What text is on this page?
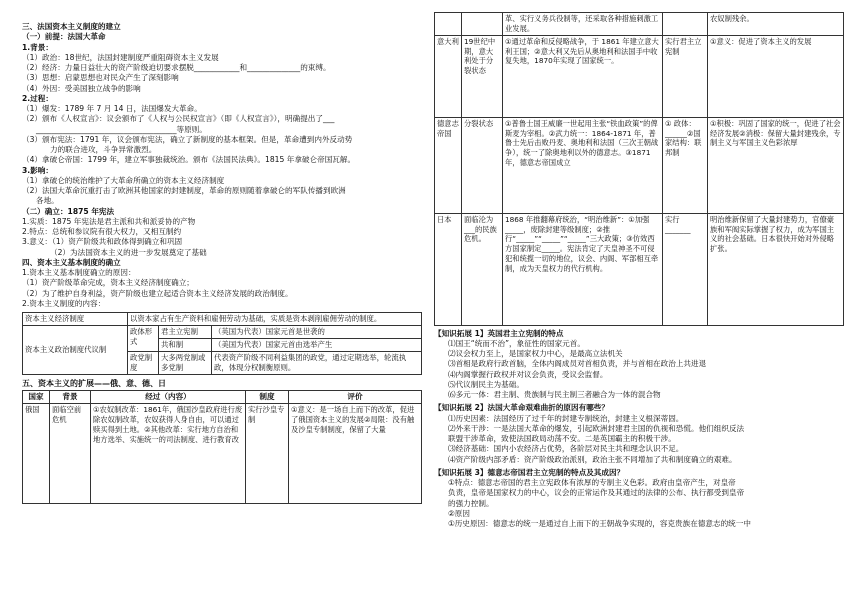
三、法国资本主义制度的建立

（一）前提：法国大革命

1.背景：

（1）政治：18世纪，法国封建制度严重阻碍资本主义发展

（2）经济：力量日益壮大的资产阶级迫切要求摆脱____________和______________的束缚。

（3）思想：启蒙思想也对民众产生了深刻影响

（4）外因：受美国独立战争的影响

2.过程：

（1）爆发：1789 年 7 月 14 日，法国爆发大革命。

（2）颁布《人权宣言》：议会颁布了《人权与公民权宣言》（即《人权宣言》），明确提出了___

_____________________________________等原则。

（3）颁布宪法：1791 年，议会颁布宪法，确立了新制度的基本框架。但是，革命遭到内外反动势

力的联合进攻，斗争异常激烈。

（4）拿破仑帝国：1799 年，建立军事独裁统治。颁布《法国民法典》。1815 年拿破仑帝国瓦解。

3.影响：

（1）拿破仑的统治维护了大革命所确立的资本主义经济制度

（2）法国大革命沉重打击了欧洲其他国家的封建制度，革命的原则随着拿破仑的军队传播到欧洲

各地。

（二）确立：1875 年宪法

1.实质：1875 年宪法是君主派和共和派妥协的产物

2.特点：总统和参议院有很大权力，又相互制约

3.意义：（1）资产阶级共和政体得到确立和巩固

（2）为法国资本主义的进一步发展奠定了基础

四、资本主义基本制度的确立

1.资本主义基本制度确立的原因：

（1）资产阶级革命完成，资本主义经济制度确立；

（2）为了维护自身利益，资产阶级也建立起适合资本主义经济发展的政治制度。

2.资本主义制度的内容：

资本主义经济制度	以资本家占有生产资料和雇佣劳动为基础，实质是资本剥削雇佣劳动的制度。		
资本主义政治制度代议制	政体形式	君主立宪制	（英国为代表）国家元首是世袭的
		共和制	（美国为代表）国家元首由选举产生
	政党制度	大多两党制或多党制	代表资产阶级不同利益集团的政党，通过定期选举，轮流执政，体现分权制衡原则。

五、资本主义的扩展——俄、意、德、日

国家	背景	经过（内容）	制度	评价
俄国	面临空前危机	①农奴制改革：1861年，俄国沙皇政府进行废除农奴制改革，农奴获得人身自由，可以通过赎买得到土地。②其他改革：实行地方自治和地方选举、实施统一的司法制度、进行教育改	实行沙皇专制	①意义：是一场自上而下的改革，促进了俄国资本主义的发展②局限：没有触及沙皇专制制度，保留了大量
		革、实行义务兵役制等，还采取各种措施刺激工业发展。		农奴制残余。
意大利	19世纪中期，意大利处于分裂状态	①通过革命和反侵略战争，于 1861 年建立意大利王国；②意大利又先后从奥地利和法国手中收复失地，1870年实现了国家统一。	实行君主立宪制	①意义：促进了资本主义的发展
德意志帝国	分裂状态	①普鲁士国王威廉一世起用主张“铁血政策”的俾斯麦为宰相。②武力统一：1864-1871 年，普鲁士先后击败丹麦、奥地利和法国（三次王朝战争），统一了除奥地利以外的德意志。③1871 年，德意志帝国成立	① 政体：______②国家结构：联邦制	①积极：巩固了国家的统一，促进了社会经济发展②消极：保留大量封建残余，专制主义与军国主义色彩浓厚
日本	面临沦为___的民族危机。	1868 年推翻幕府统治，“明治维新”：①加强_____，废除封建等级制度；②推行“_____”“_____”“_____”三大政策；③仿效西方国家制定_____。宪法肯定了天皇神圣不可侵犯和统揽一切的地位，议会、内阁、军部相互牵制，成为天皇权力的代行机构。	实行_______	明治维新保留了大量封建势力，官僚豪族和军阀实际掌握了权力，成为军国主义的社会基础。日本很快开始对外侵略扩张。

【知识拓展 1】英国君主立宪制的特点

⑴国王“统而不治”，象征性的国家元首。

⑵议会权力至上，是国家权力中心，是最高立法机关

⑶首相是政府行政首脑，全体内阁成员对首相负责，并与首相在政治上共进退

⑷内阁掌握行政权并对议会负责，受议会监督。

⑸代议制民主为基础。

⑹多元一体：君主制、贵族制与民主制三者融合为一体的混合物

【知识拓展 2】法国大革命艰难曲折的原因有哪些？

⑴历史因素：法国经历了过千年的封建专制统治，封建主义根深蒂固。

⑵外来干涉：一是法国大革命的爆发，引起欧洲封建君主国的仇视和恐慌。他们组织反法

联盟干涉革命，致使法国政局动荡不安。二是英国霸主的积极干涉。

⑶经济基础：国内小农经济占优势，各阶层对民主共和理念认识不足。

⑷资产阶级内部矛盾：资产阶级政治派别，政治主张不同增加了共和制度确立的艰难。

【知识拓展 3】德意志帝国君主立宪制的特点及其成因？

①特点：德意志帝国的君主立宪政体有浓厚的专制主义色彩。政府由皇帝产生，对皇帝

负责，皇帝是国家权力的中心，议会的正常运作及其通过的法律的公布、执行都受到皇帝

的强力控制。

②原因

①历史原因：德意志的统一是通过自上而下的王朝战争实现的，容克贵族在德意志的统一中
